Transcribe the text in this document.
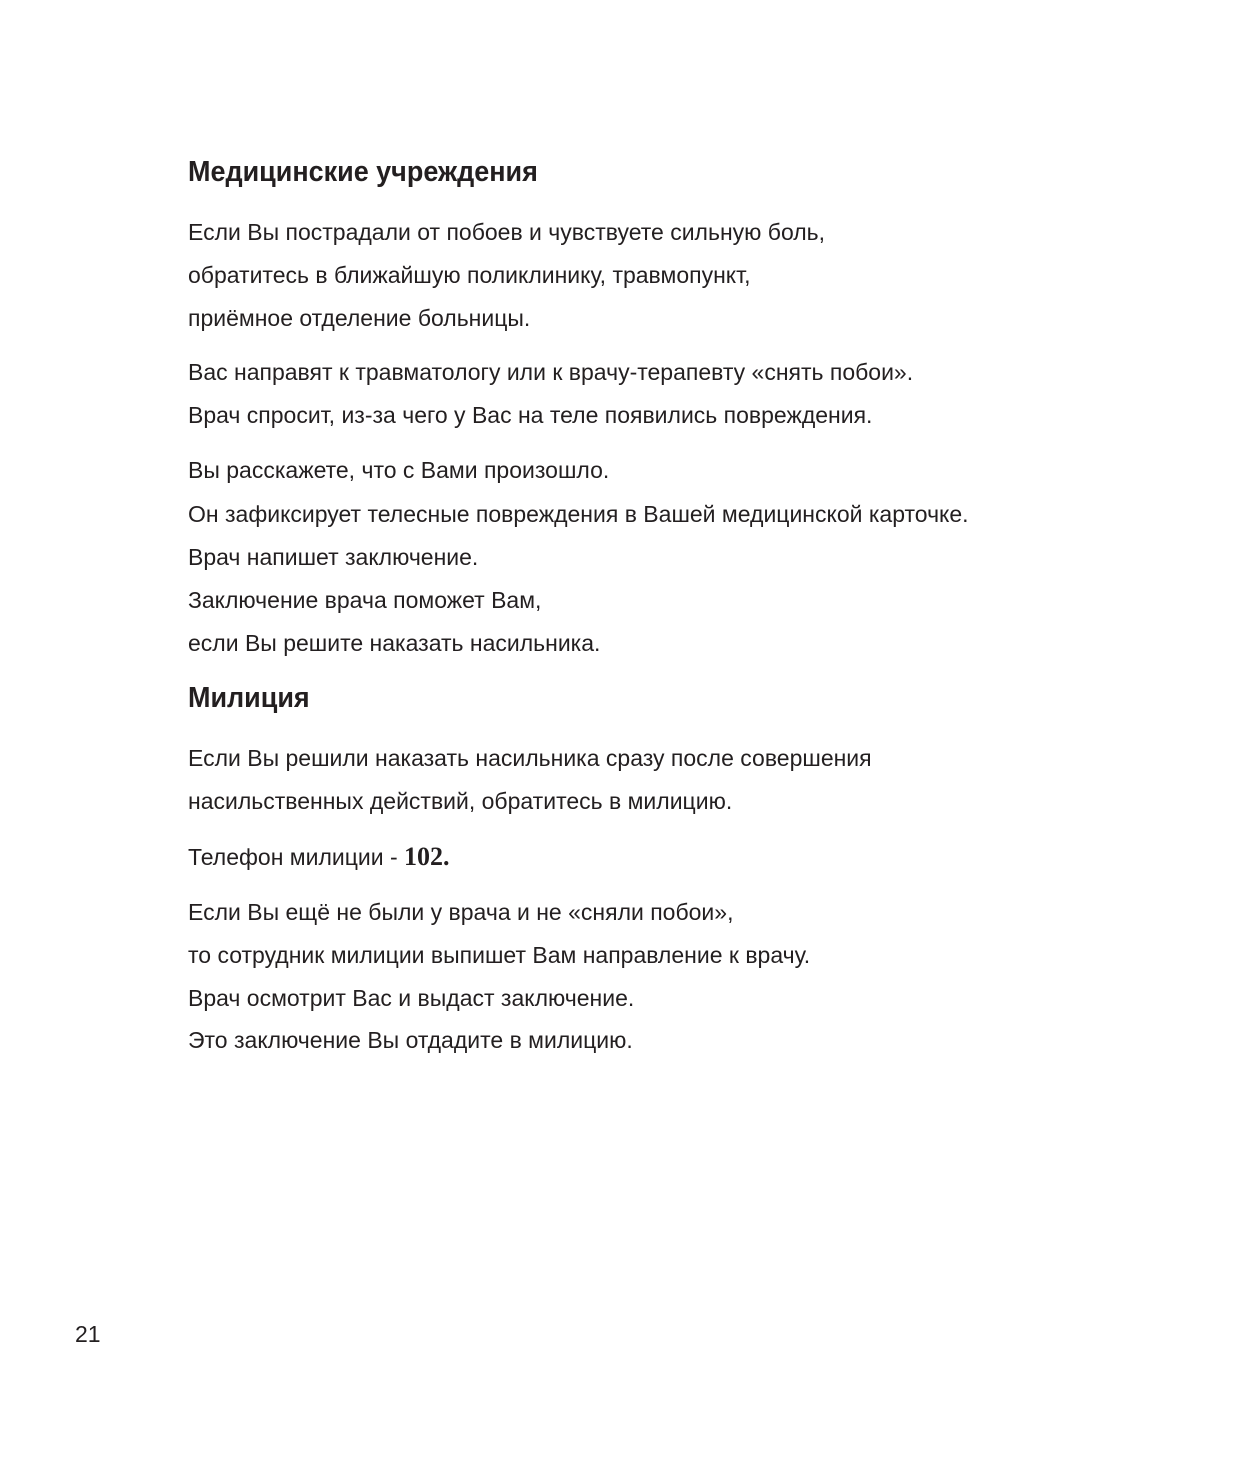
Медицинские учреждения
Если Вы пострадали от побоев и чувствуете сильную боль,
обратитесь в ближайшую поликлинику, травмопункт,
приёмное отделение больницы.
Вас направят к травматологу или к врачу-терапевту «снять побои».
Врач спросит, из-за чего у Вас на теле появились повреждения.
Вы расскажете, что с Вами произошло.
Он зафиксирует телесные повреждения в Вашей медицинской карточке.
Врач напишет заключение.
Заключение врача поможет Вам,
если Вы решите наказать насильника.
Милиция
Если Вы решили наказать насильника сразу после совершения
насильственных действий, обратитесь в милицию.
Телефон милиции - 102.
Если Вы ещё не были у врача и не «сняли побои»,
то сотрудник милиции выпишет Вам направление к врачу.
Врач осмотрит Вас и выдаст заключение.
Это заключение Вы отдадите в милицию.
21
